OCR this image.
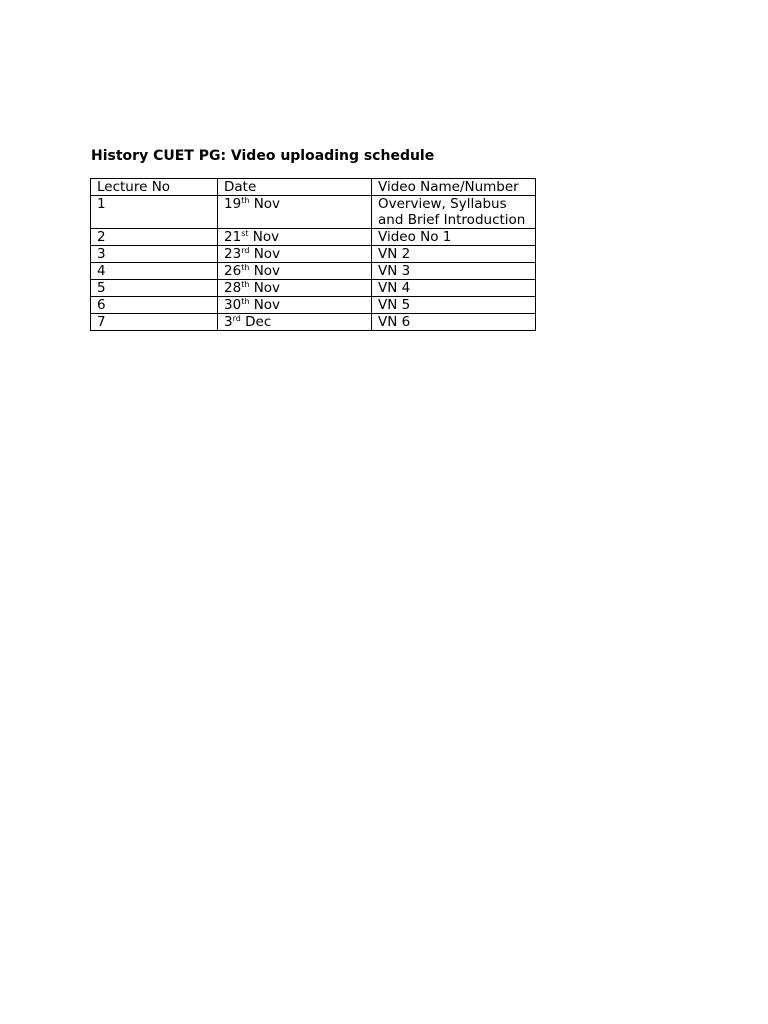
History CUET PG: Video uploading schedule
Lecture No	Date	Video Name/Number
1	19th Nov	Overview, Syllabus
and Brief Introduction

2	21st Nov	Video No 1

3	23rd Nov	VN 2

4	26th Nov	VN 3

5	28th Nov	VN 4

6	30th Nov	VN 5

7	3rd Dec	VN 6
